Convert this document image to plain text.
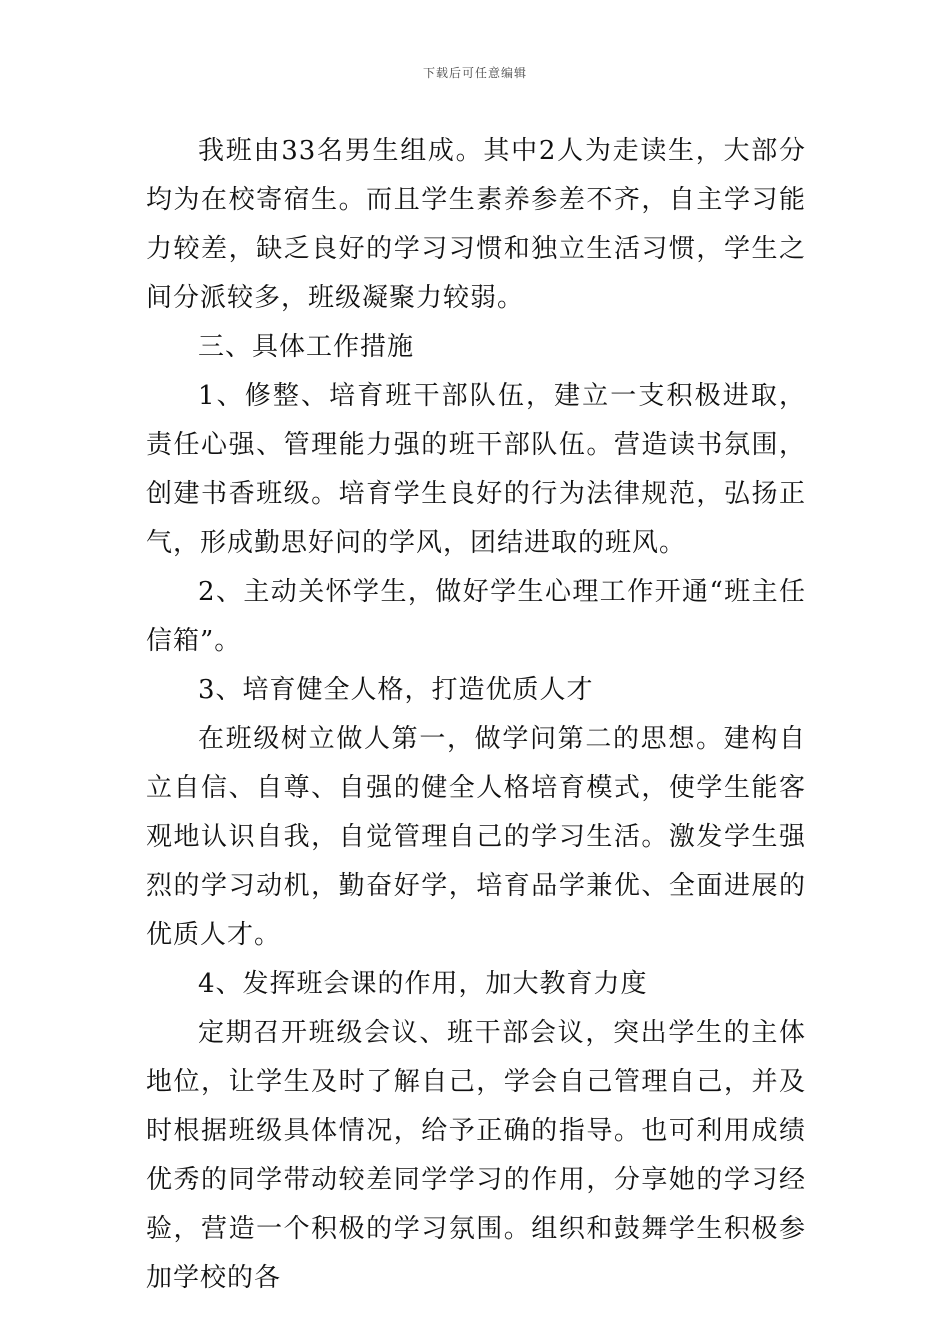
下载后可任意编辑

我班由33名男生组成。其中2人为走读生，大部分均为在校寄宿生。而且学生素养参差不齐，自主学习能力较差，缺乏良好的学习习惯和独立生活习惯，学生之间分派较多，班级凝聚力较弱。

三、具体工作措施

1、修整、培育班干部队伍，建立一支积极进取，责任心强、管理能力强的班干部队伍。营造读书氛围，创建书香班级。培育学生良好的行为法律规范，弘扬正气，形成勤思好问的学风，团结进取的班风。

2、主动关怀学生，做好学生心理工作开通“班主任信箱”。

3、培育健全人格，打造优质人才

在班级树立做人第一，做学问第二的思想。建构自立自信、自尊、自强的健全人格培育模式，使学生能客观地认识自我，自觉管理自己的学习生活。激发学生强烈的学习动机，勤奋好学，培育品学兼优、全面进展的优质人才。

4、发挥班会课的作用，加大教育力度

定期召开班级会议、班干部会议，突出学生的主体地位，让学生及时了解自己，学会自己管理自己，并及时根据班级具体情况，给予正确的指导。也可利用成绩优秀的同学带动较差同学学习的作用，分享她的学习经验，营造一个积极的学习氛围。组织和鼓舞学生积极参加学校的各
